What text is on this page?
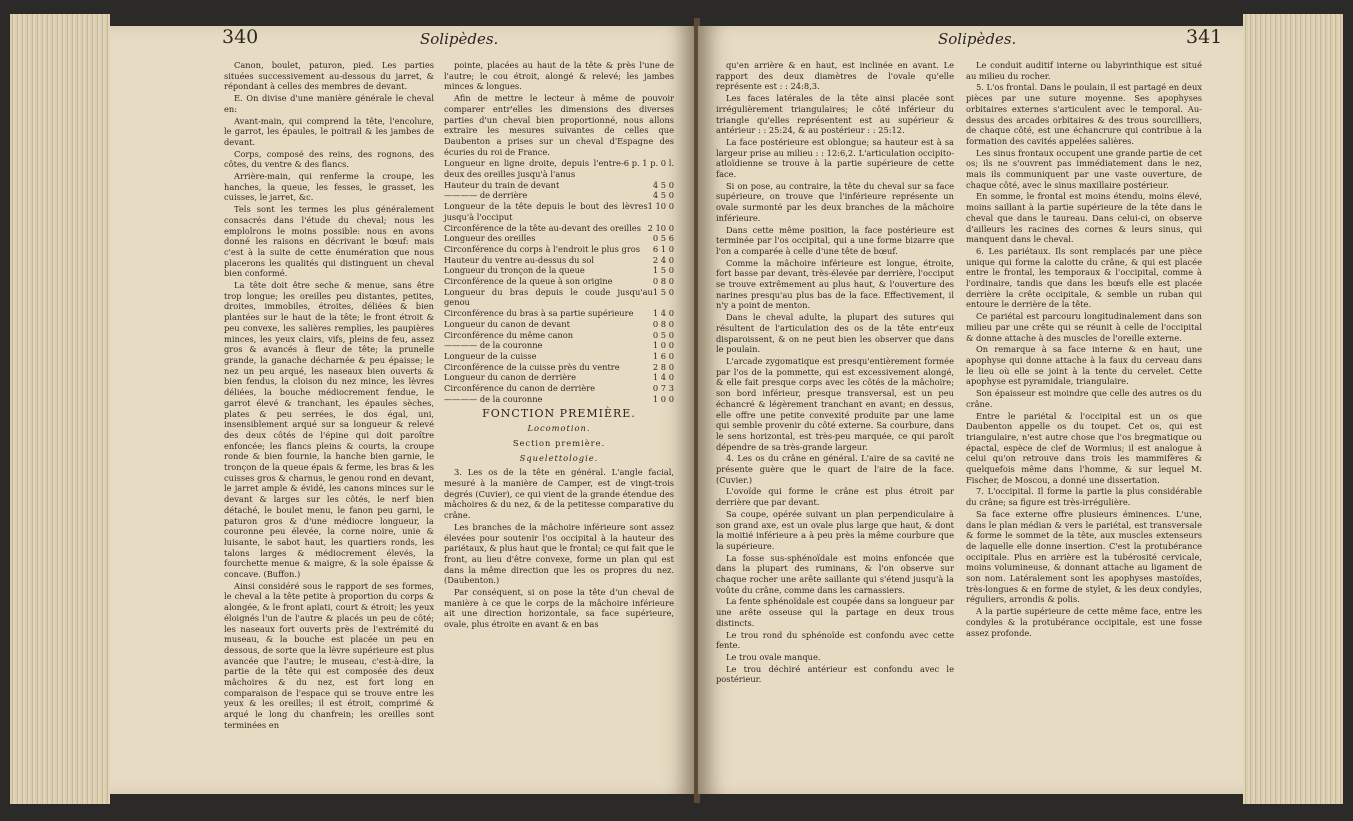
340	Solipèdes.

Canon, boulet, paturon, pied. Les parties situées successivement au-dessous du jarret, & répondant à celles des membres de devant.

E. On divise d'une manière générale le cheval en:

Avant-main, qui comprend la tête, l'encolure, le garrot, les épaules, le poitrail & les jambes de devant.

Corps, composé des reins, des rognons, des côtes, du ventre & des flancs.

Arrière-main, qui renferme la croupe, les hanches, la queue, les fesses, le grasset, les cuisses, le jarret, &c.

Tels sont les termes les plus généralement consacrés dans l'étude du cheval; nous les emploîrons le moins possible: nous en avons donné les raisons en décrivant le bœuf: mais c'est à la suite de cette énumération que nous placerons les qualités qui distinguent un cheval bien conformé.

La tête doit être seche & menue, sans être trop longue; les oreilles peu distantes, petites, droites, immobiles, étroites, déliées & bien plantées sur le haut de la tête; le front étroit & peu convexe, les salières remplies, les paupières minces, les yeux clairs, vifs, pleins de feu, assez gros & avancés à fleur de tête; la prunelle grande, la ganache décharnée & peu épaisse; le nez un peu arqué, les naseaux bien ouverts & bien fendus, la cloison du nez mince, les lèvres déliées, la bouche médiocrement fendue, le garrot élevé & tranchant, les épaules sèches, plates & peu serrées, le dos égal, uni, insensiblement arqué sur sa longueur & relevé des deux côtés de l'épine qui doit paroître enfoncée; les flancs pleins & courts, la croupe ronde & bien fournie, la hanche bien garnie, le tronçon de la queue épais & ferme, les bras & les cuisses gros & charnus, le genou rond en devant, le jarret ample & évidé, les canons minces sur le devant & larges sur les côtés, le nerf bien détaché, le boulet menu, le fanon peu garni, le paturon gros & d'une médiocre longueur, la couronne peu élevée, la corne noire, unie & luisante, le sabot haut, les quartiers ronds, les talons larges & médiocrement élevés, la fourchette menue & maigre, & la sole épaisse & concave. (Buffon.)

Ainsi considéré sous le rapport de ses formes, le cheval a la tête petite à proportion du corps & alongée, & le front aplati, court & étroit; les yeux éloignés l'un de l'autre & placés un peu de côté; les naseaux fort ouverts près de l'extrémité du museau, & la bouche est placée un peu en dessous, de sorte que la lèvre supérieure est plus avancée que l'autre; le museau, c'est-à-dire, la partie de la tête qui est composée des deux mâchoires & du nez, est fort long en comparaison de l'espace qui se trouve entre les yeux & les oreilles; il est étroit, comprimé & arqué le long du chanfrein; les oreilles sont terminées en

pointe, placées au haut de la tête & près l'une de l'autre; le cou étroit, alongé & relevé; les jambes minces & longues.

Afin de mettre le lecteur à même de pouvoir comparer entr'elles les dimensions des diverses parties d'un cheval bien proportionné, nous allons extraire les mesures suivantes de celles que Daubenton a prises sur un cheval d'Espagne des écuries du roi de France.

Longueur en ligne droite, depuis l'entre-deux des oreilles jusqu'à l'anus
6 p. 1 p. 0 l.
Hauteur du train de devant	4 5 0
———— de derrière	4 5 0
Longueur de la tête depuis le bout des lèvres jusqu'à l'occiput
1 10 0
Circonférence de la tête au-devant des oreilles 2 10 0
Longueur des oreilles	0 5 6
Circonférence du corps à l'endroit le plus gros 6 1 0
Hauteur du ventre au-dessus du sol	2 4 0
Longueur du tronçon de la queue	1 5 0
Circonférence de la queue à son origine	0 8 0
Longueur du bras depuis le coude jusqu'au genou
1 5 0
Circonférence du bras à sa partie supérieure 1 4 0
Longueur du canon de devant	0 8 0
Circonférence du même canon	0 5 0
———— de la couronne	1 0 0
Longueur de la cuisse	1 6 0
Circonférence de la cuisse près du ventre	2 8 0
Longueur du canon de derrière	1 4 0
Circonférence du canon de derrière	0 7 3
———— de la couronne	1 0 0

FONCTION PREMIÈRE.

Locomotion.

Section première.

Squelettologie.

3. Les os de la tête en général. L'angle facial, mesuré à la manière de Camper, est de vingt-trois degrés (Cuvier), ce qui vient de la grande étendue des mâchoires & du nez, & de la petitesse comparative du crâne.

Les branches de la mâchoire inférieure sont assez élevées pour soutenir l'os occipital à la hauteur des pariétaux, & plus haut que le frontal; ce qui fait que le front, au lieu d'être convexe, forme un plan qui est dans la même direction que les os propres du nez. (Daubenton.)

Par conséquent, si on pose la tête d'un cheval de manière à ce que le corps de la mâchoire inférieure ait une direction horizontale, sa face supérieure, ovale, plus étroite en avant & en bas

Solipèdes.	341

qu'en arrière & en haut, est inclinée en avant. Le rapport des deux diamètres de l'ovale qu'elle représente est : : 24:8,3.

Les faces latérales de la tête ainsi placée sont irrégulièrement triangulaires; le côté inférieur du triangle qu'elles représentent est au supérieur & antérieur : : 25:24, & au postérieur : : 25:12.

La face postérieure est oblongue; sa hauteur est à sa largeur prise au milieu : : 12:6,2. L'articulation occipito-atloïdienne se trouve à la partie supérieure de cette face.

Si on pose, au contraire, la tête du cheval sur sa face supérieure, on trouve que l'inférieure représente un ovale surmonté par les deux branches de la mâchoire inférieure.

Dans cette même position, la face postérieure est terminée par l'os occipital, qui a une forme bizarre que l'on a comparée à celle d'une tête de bœuf.

Comme la mâchoire inférieure est longue, étroite, fort basse par devant, très-élevée par derrière, l'occiput se trouve extrêmement au plus haut, & l'ouverture des narines presqu'au plus bas de la face. Effectivement, il n'y a point de menton.

Dans le cheval adulte, la plupart des sutures qui résultent de l'articulation des os de la tête entr'eux disparoissent, & on ne peut bien les observer que dans le poulain.

L'arcade zygomatique est presqu'entièrement formée par l'os de la pommette, qui est excessivement alongé, & elle fait presque corps avec les côtés de la mâchoire; son bord inférieur, presque transversal, est un peu échancré & légèrement tranchant en avant; en dessus, elle offre une petite convexité produite par une lame qui semble provenir du côté externe. Sa courbure, dans le sens horizontal, est très-peu marquée, ce qui paroît dépendre de sa très-grande largeur.

4. Les os du crâne en général. L'aire de sa cavité ne présente guère que le quart de l'aire de la face. (Cuvier.)

L'ovoïde qui forme le crâne est plus étroit par derrière que par devant.

Sa coupe, opérée suivant un plan perpendiculaire à son grand axe, est un ovale plus large que haut, & dont la moitié inférieure a à peu près la même courbure que la supérieure.

La fosse sus-sphénoïdale est moins enfoncée que dans la plupart des ruminans, & l'on observe sur chaque rocher une arête saillante qui s'étend jusqu'à la voûte du crâne, comme dans les carnassiers.

La fente sphénoïdale est coupée dans sa longueur par une arête osseuse qui la partage en deux trous distincts.

Le trou rond du sphénoïde est confondu avec cette fente.

Le trou ovale manque.

Le trou déchiré antérieur est confondu avec le postérieur.

Le conduit auditif interne ou labyrinthique est situé au milieu du rocher.

5. L'os frontal. Dans le poulain, il est partagé en deux pièces par une suture moyenne. Ses apophyses orbitaires externes s'articulent avec le temporal. Au-dessus des arcades orbitaires & des trous sourcilliers, de chaque côté, est une échancrure qui contribue à la formation des cavités appelées salières.

Les sinus frontaux occupent une grande partie de cet os; ils ne s'ouvrent pas immédiatement dans le nez, mais ils communiquent par une vaste ouverture, de chaque côté, avec le sinus maxillaire postérieur.

En somme, le frontal est moins étendu, moins élevé, moins saillant à la partie supérieure de la tête dans le cheval que dans le taureau. Dans celui-ci, on observe d'ailleurs les racines des cornes & leurs sinus, qui manquent dans le cheval.

6. Les pariétaux. Ils sont remplacés par une pièce unique qui forme la calotte du crâne, & qui est placée entre le frontal, les temporaux & l'occipital, comme à l'ordinaire, tandis que dans les bœufs elle est placée derrière la crête occipitale, & semble un ruban qui entoure le derrière de la tête.

Ce pariétal est parcouru longitudinalement dans son milieu par une crête qui se réunit à celle de l'occipital & donne attache à des muscles de l'oreille externe.

On remarque à sa face interne & en haut, une apophyse qui donne attache à la faux du cerveau dans le lieu où elle se joint à la tente du cervelet. Cette apophyse est pyramidale, triangulaire.

Son épaisseur est moindre que celle des autres os du crâne.

Entre le pariétal & l'occipital est un os que Daubenton appelle os du toupet. Cet os, qui est triangulaire, n'est autre chose que l'os bregmatique ou épactal, espèce de clef de Wormius; il est analogue à celui qu'on retrouve dans trois les mammifères & quelquefois même dans l'homme, & sur lequel M. Fischer, de Moscou, a donné une dissertation.

7. L'occipital. Il forme la partie la plus considérable du crâne; sa figure est très-irrégulière.

Sa face externe offre plusieurs éminences. L'une, dans le plan médian & vers le pariétal, est transversale & forme le sommet de la tête, aux muscles extenseurs de laquelle elle donne insertion. C'est la protubérance occipitale. Plus en arrière est la tubérosité cervicale, moins volumineuse, & donnant attache au ligament de son nom. Latéralement sont les apophyses mastoïdes, très-longues & en forme de stylet, & les deux condyles, réguliers, arrondis & polis.

A la partie supérieure de cette même face, entre les condyles & la protubérance occipitale, est une fosse assez profonde.
